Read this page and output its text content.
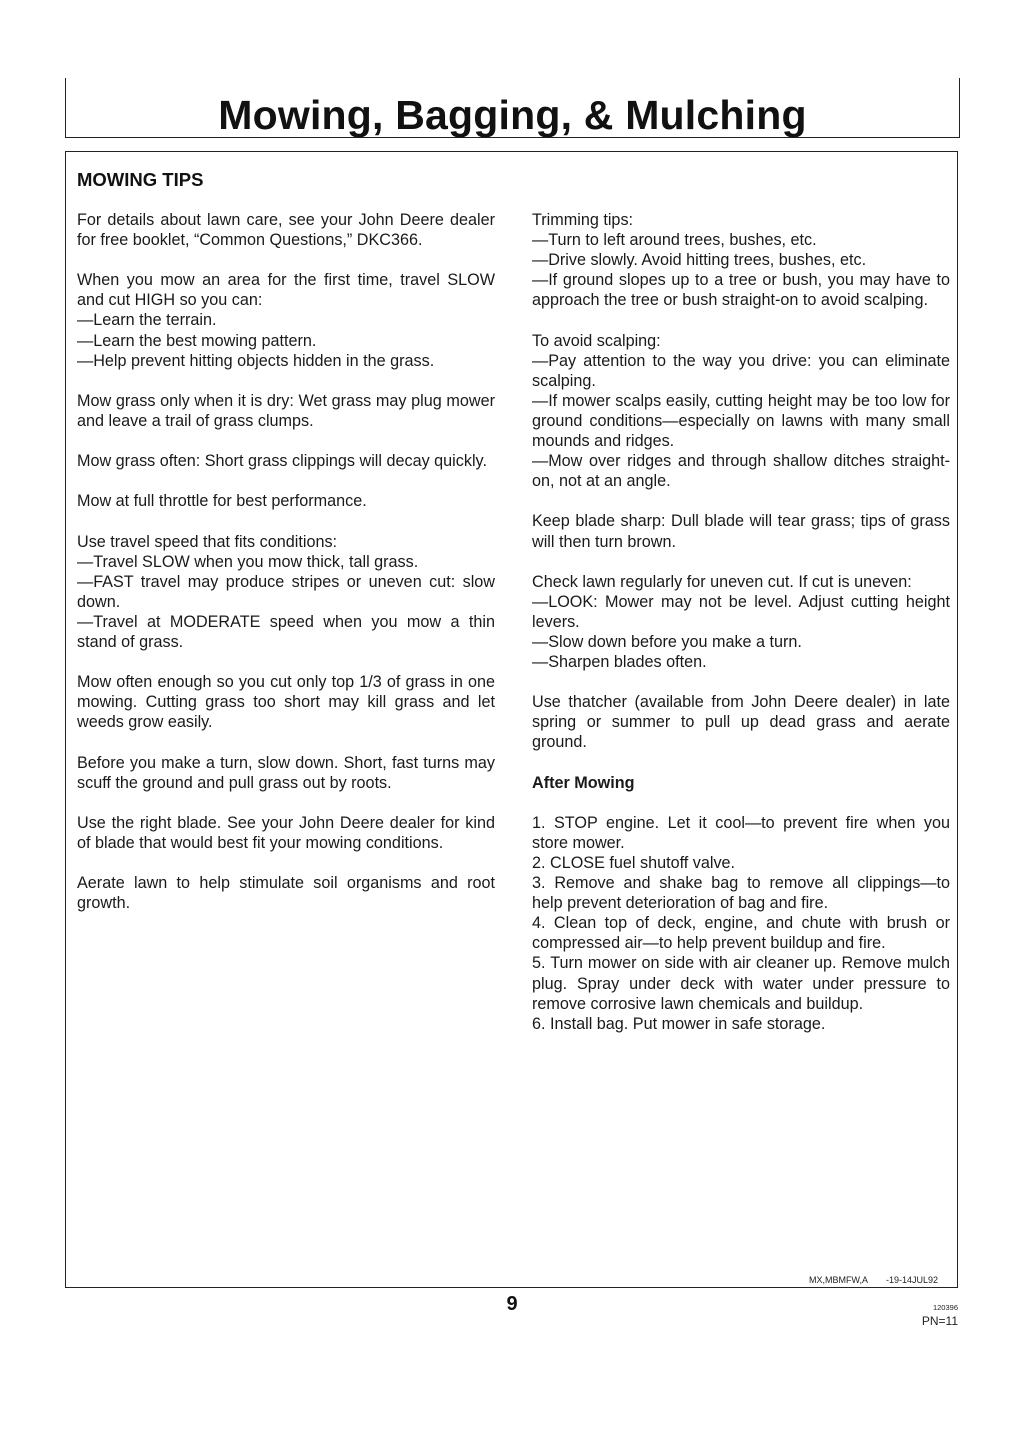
Mowing, Bagging, & Mulching
MOWING TIPS

For details about lawn care, see your John Deere dealer for free booklet, “Common Questions,” DKC366.

When you mow an area for the first time, travel SLOW and cut HIGH so you can:
—Learn the terrain.
—Learn the best mowing pattern.
—Help prevent hitting objects hidden in the grass.

Mow grass only when it is dry: Wet grass may plug mower and leave a trail of grass clumps.

Mow grass often: Short grass clippings will decay quickly.

Mow at full throttle for best performance.

Use travel speed that fits conditions:
—Travel SLOW when you mow thick, tall grass.
—FAST travel may produce stripes or uneven cut: slow down.
—Travel at MODERATE speed when you mow a thin stand of grass.

Mow often enough so you cut only top 1/3 of grass in one mowing. Cutting grass too short may kill grass and let weeds grow easily.

Before you make a turn, slow down. Short, fast turns may scuff the ground and pull grass out by roots.

Use the right blade. See your John Deere dealer for kind of blade that would best fit your mowing conditions.

Aerate lawn to help stimulate soil organisms and root growth.

Trimming tips:
—Turn to left around trees, bushes, etc.
—Drive slowly. Avoid hitting trees, bushes, etc.
—If ground slopes up to a tree or bush, you may have to approach the tree or bush straight-on to avoid scalping.

To avoid scalping:
—Pay attention to the way you drive: you can eliminate scalping.
—If mower scalps easily, cutting height may be too low for ground conditions—especially on lawns with many small mounds and ridges.
—Mow over ridges and through shallow ditches straight-on, not at an angle.

Keep blade sharp: Dull blade will tear grass; tips of grass will then turn brown.

Check lawn regularly for uneven cut. If cut is uneven:
—LOOK: Mower may not be level. Adjust cutting height levers.
—Slow down before you make a turn.
—Sharpen blades often.

Use thatcher (available from John Deere dealer) in late spring or summer to pull up dead grass and aerate ground.

After Mowing

1. STOP engine. Let it cool—to prevent fire when you store mower.
2. CLOSE fuel shutoff valve.
3. Remove and shake bag to remove all clippings—to help prevent deterioration of bag and fire.
4. Clean top of deck, engine, and chute with brush or compressed air—to help prevent buildup and fire.
5. Turn mower on side with air cleaner up. Remove mulch plug. Spray under deck with water under pressure to remove corrosive lawn chemicals and buildup.
6. Install bag. Put mower in safe storage.

MX,MBMFW,A -19-14JUL92
9	120396
PN=11
